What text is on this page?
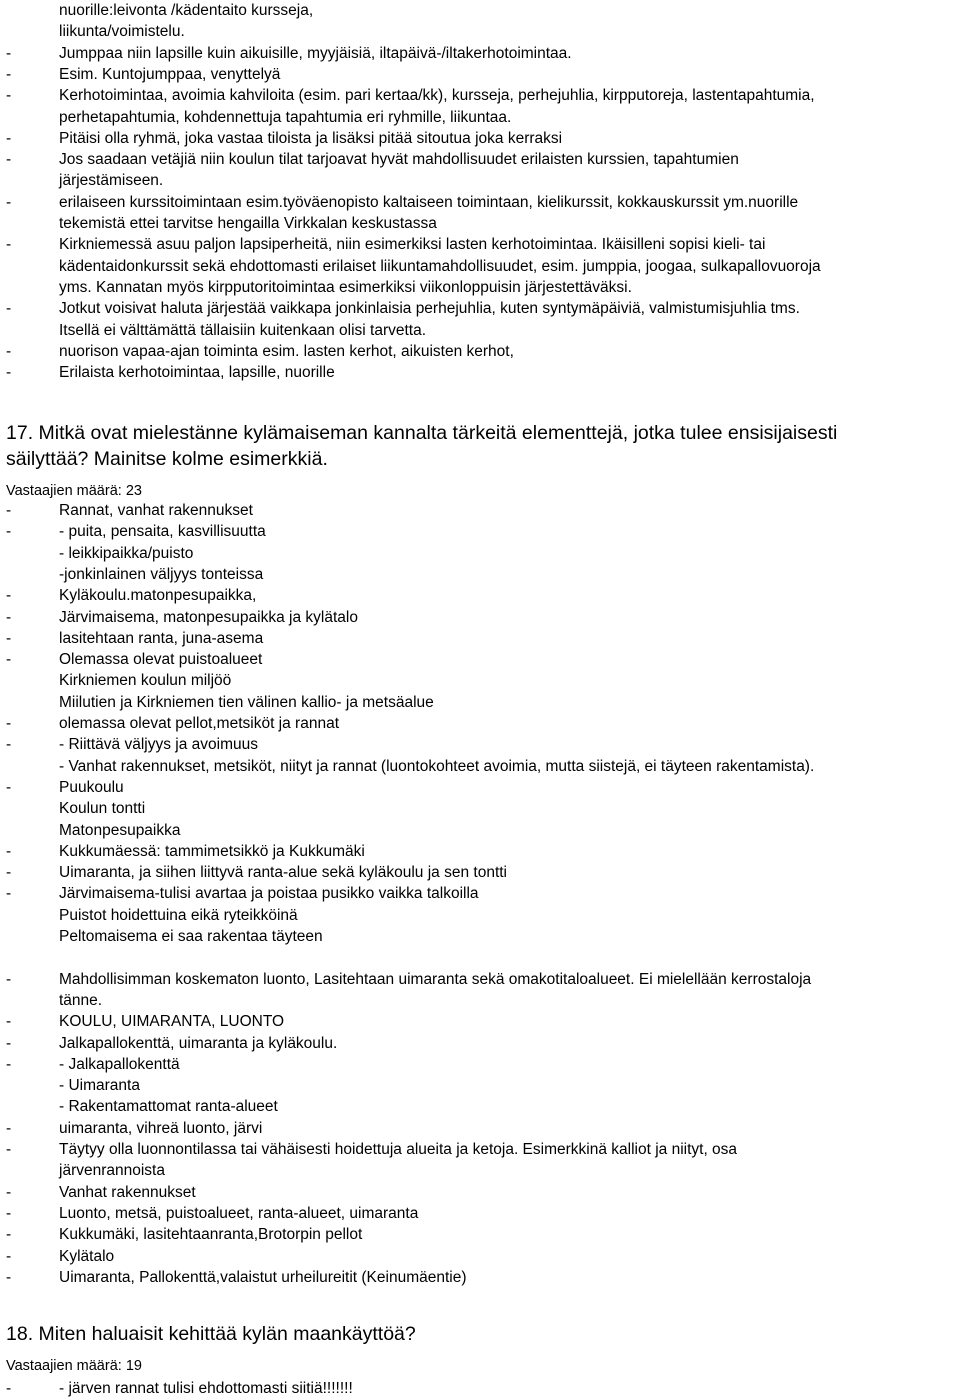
nuorille:leivonta /kädentaito kursseja,
liikunta/voimistelu.
-	Jumppaa niin lapsille kuin aikuisille, myyjäisiä, iltapäivä-/iltakerhotoimintaa.
-	Esim. Kuntojumppaa, venyttelyä
-	Kerhotoimintaa, avoimia kahviloita (esim. pari kertaa/kk), kursseja, perhejuhlia, kirpputoreja, lastentapahtumia,
perhetapahtumia, kohdennettuja tapahtumia eri ryhmille, liikuntaa.
-	Pitäisi olla ryhmä, joka vastaa tiloista ja lisäksi pitää sitoutua joka kerraksi
-	Jos saadaan vetäjiä niin koulun tilat tarjoavat hyvät mahdollisuudet erilaisten kurssien, tapahtumien
järjestämiseen.
-	erilaiseen kurssitoimintaan esim.työväenopisto kaltaiseen toimintaan, kielikurssit, kokkauskurssit ym.nuorille
tekemistä ettei tarvitse hengailla Virkkalan keskustassa
-	Kirkniemessä asuu paljon lapsiperheitä, niin esimerkiksi lasten kerhotoimintaa. Ikäisilleni sopisi kieli- tai
kädentaidonkurssit sekä ehdottomasti erilaiset liikuntamahdollisuudet, esim. jumppia, joogaa, sulkapallovuoroja
yms. Kannatan myös kirpputoritoimintaa esimerkiksi viikonloppuisin järjestettäväksi.
-	Jotkut voisivat haluta järjestää vaikkapa jonkinlaisia perhejuhlia, kuten syntymäpäiviä, valmistumisjuhlia tms.
Itsellä ei välttämättä tällaisiin kuitenkaan olisi tarvetta.
-	nuorison vapaa-ajan toiminta esim. lasten kerhot, aikuisten kerhot,
-	Erilaista kerhotoimintaa, lapsille, nuorille
17. Mitkä ovat mielestänne kylämaiseman kannalta tärkeitä elementtejä, jotka tulee ensisijaisesti
säilyttää? Mainitse kolme esimerkkiä.
Vastaajien määrä: 23
-	Rannat, vanhat rakennukset
-	- puita, pensaita, kasvillisuutta
- leikkipaikka/puisto
-jonkinlainen väljyys tonteissa
-	Kyläkoulu.matonpesupaikka,
-	Järvimaisema, matonpesupaikka ja kylätalo
-	lasitehtaan ranta, juna-asema
-	Olemassa olevat puistoalueet
Kirkniemen koulun miljöö
Miilutien ja Kirkniemen tien välinen kallio- ja metsäalue
-	olemassa olevat pellot,metsiköt ja rannat
-	- Riittävä väljyys ja avoimuus
- Vanhat rakennukset, metsiköt, niityt ja rannat (luontokohteet avoimia, mutta siistejä, ei täyteen rakentamista).
-	Puukoulu
Koulun tontti
Matonpesupaikka
-	Kukkumäessä: tammimetsikkö ja Kukkumäki
-	Uimaranta, ja siihen liittyvä ranta-alue sekä kyläkoulu ja sen tontti
-	Järvimaisema-tulisi avartaa ja poistaa pusikko vaikka talkoilla
Puistot hoidettuina eikä ryteikköinä
Peltomaisema ei saa rakentaa täyteen
-	Mahdollisimman koskematon luonto, Lasitehtaan uimaranta sekä omakotitaloalueet. Ei mielellään kerrostaloja
tänne.
-	KOULU, UIMARANTA, LUONTO
-	Jalkapallokenttä, uimaranta ja kyläkoulu.
-	- Jalkapallokenttä
- Uimaranta
- Rakentamattomat ranta-alueet
-	uimaranta, vihreä luonto, järvi
-	Täytyy olla luonnontilassa tai vähäisesti hoidettuja alueita ja ketoja. Esimerkkinä kalliot ja niityt, osa
järvenrannoista
-	Vanhat rakennukset
-	Luonto, metsä, puistoalueet, ranta-alueet, uimaranta
-	Kukkumäki, lasitehtaanranta,Brotorpin pellot
-	Kylätalo
-	Uimaranta, Pallokenttä,valaistut urheilureitit (Keinumäentie)
18. Miten haluaisit kehittää kylän maankäyttöä?
Vastaajien määrä: 19
-	- järven rannat tulisi ehdottomasti siitiä!!!!!!!
